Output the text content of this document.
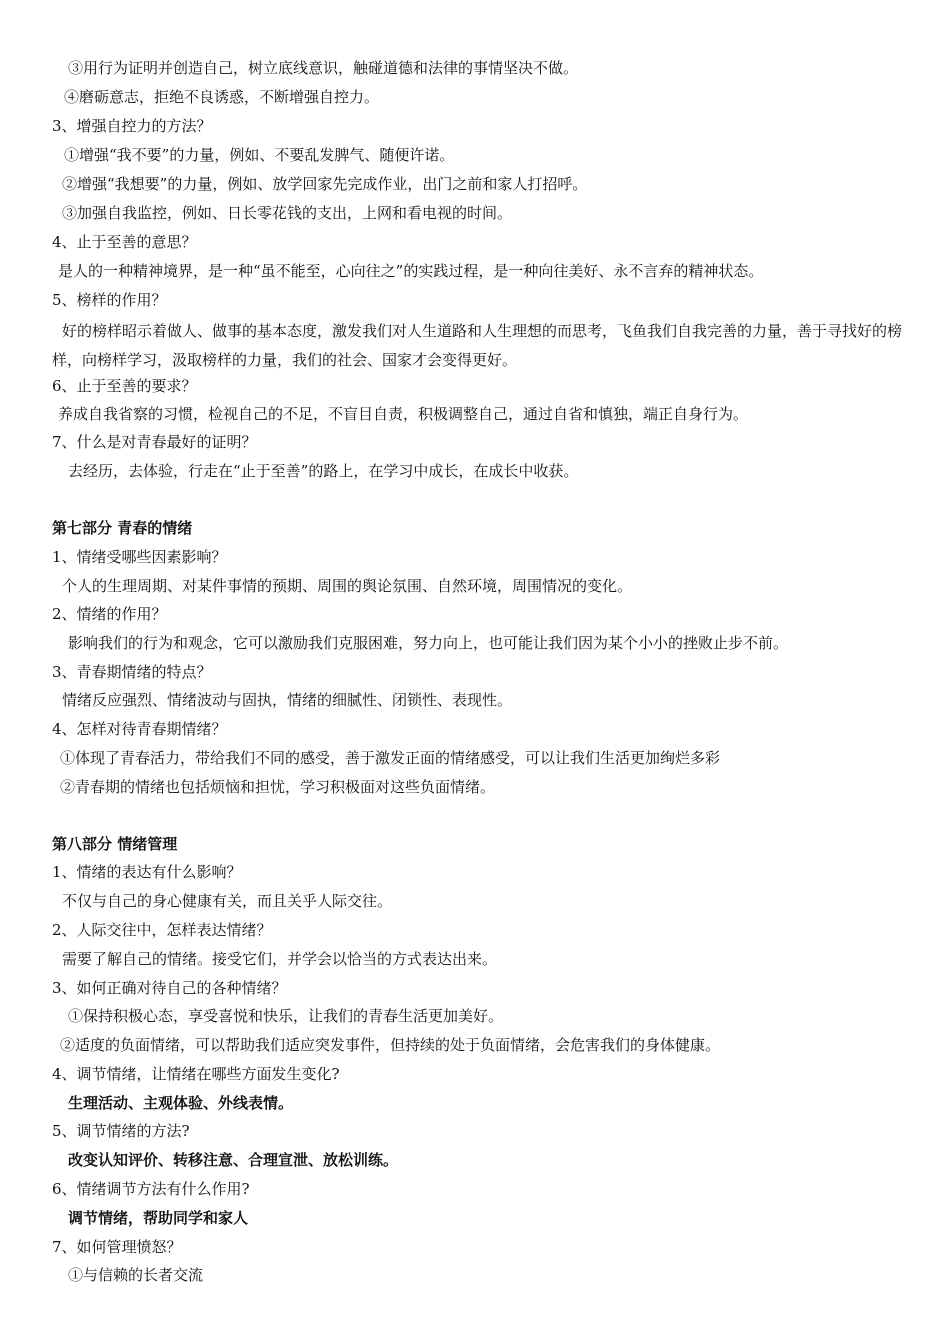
③用行为证明并创造自己，树立底线意识，触碰道德和法律的事情坚决不做。
④磨砺意志，拒绝不良诱惑，不断增强自控力。
3、增强自控力的方法？
①增强“我不要”的力量，例如、不要乱发脾气、随便许诺。
②增强“我想要”的力量，例如、放学回家先完成作业，出门之前和家人打招呼。
③加强自我监控，例如、日长零花钱的支出，上网和看电视的时间。
4、止于至善的意思？
是人的一种精神境界，是一种“虽不能至，心向往之”的实践过程，是一种向往美好、永不言弃的精神状态。
5、榜样的作用？
好的榜样昭示着做人、做事的基本态度，激发我们对人生道路和人生理想的而思考，飞鱼我们自我完善的力量，善于寻找好的榜样，向榜样学习，汲取榜样的力量，我们的社会、国家才会变得更好。
6、止于至善的要求？
养成自我省察的习惯，检视自己的不足，不盲目自责，积极调整自己，通过自省和慎独，端正自身行为。
7、什么是对青春最好的证明？
去经历，去体验，行走在“止于至善”的路上，在学习中成长，在成长中收获。
第七部分 青春的情绪
1、情绪受哪些因素影响？
个人的生理周期、对某件事情的预期、周围的舆论氛围、自然环境，周围情况的变化。
2、情绪的作用？
影响我们的行为和观念，它可以激励我们克服困难，努力向上，也可能让我们因为某个小小的挫败止步不前。
3、青春期情绪的特点？
情绪反应强烈、情绪波动与固执，情绪的细腻性、闭锁性、表现性。
4、怎样对待青春期情绪？
①体现了青春活力，带给我们不同的感受，善于激发正面的情绪感受，可以让我们生活更加绚烂多彩
②青春期的情绪也包括烦恼和担忧，学习积极面对这些负面情绪。
第八部分 情绪管理
1、情绪的表达有什么影响？
不仅与自己的身心健康有关，而且关乎人际交往。
2、人际交往中，怎样表达情绪？
需要了解自己的情绪。接受它们，并学会以恰当的方式表达出来。
3、如何正确对待自己的各种情绪？
①保持积极心态，享受喜悦和快乐，让我们的青春生活更加美好。
②适度的负面情绪，可以帮助我们适应突发事件，但持续的处于负面情绪，会危害我们的身体健康。
4、调节情绪，让情绪在哪些方面发生变化?
生理活动、主观体验、外线表情。
5、调节情绪的方法?
改变认知评价、转移注意、合理宣泄、放松训练。
6、情绪调节方法有什么作用?
调节情绪，帮助同学和家人
7、如何管理愤怒？
①与信赖的长者交流
